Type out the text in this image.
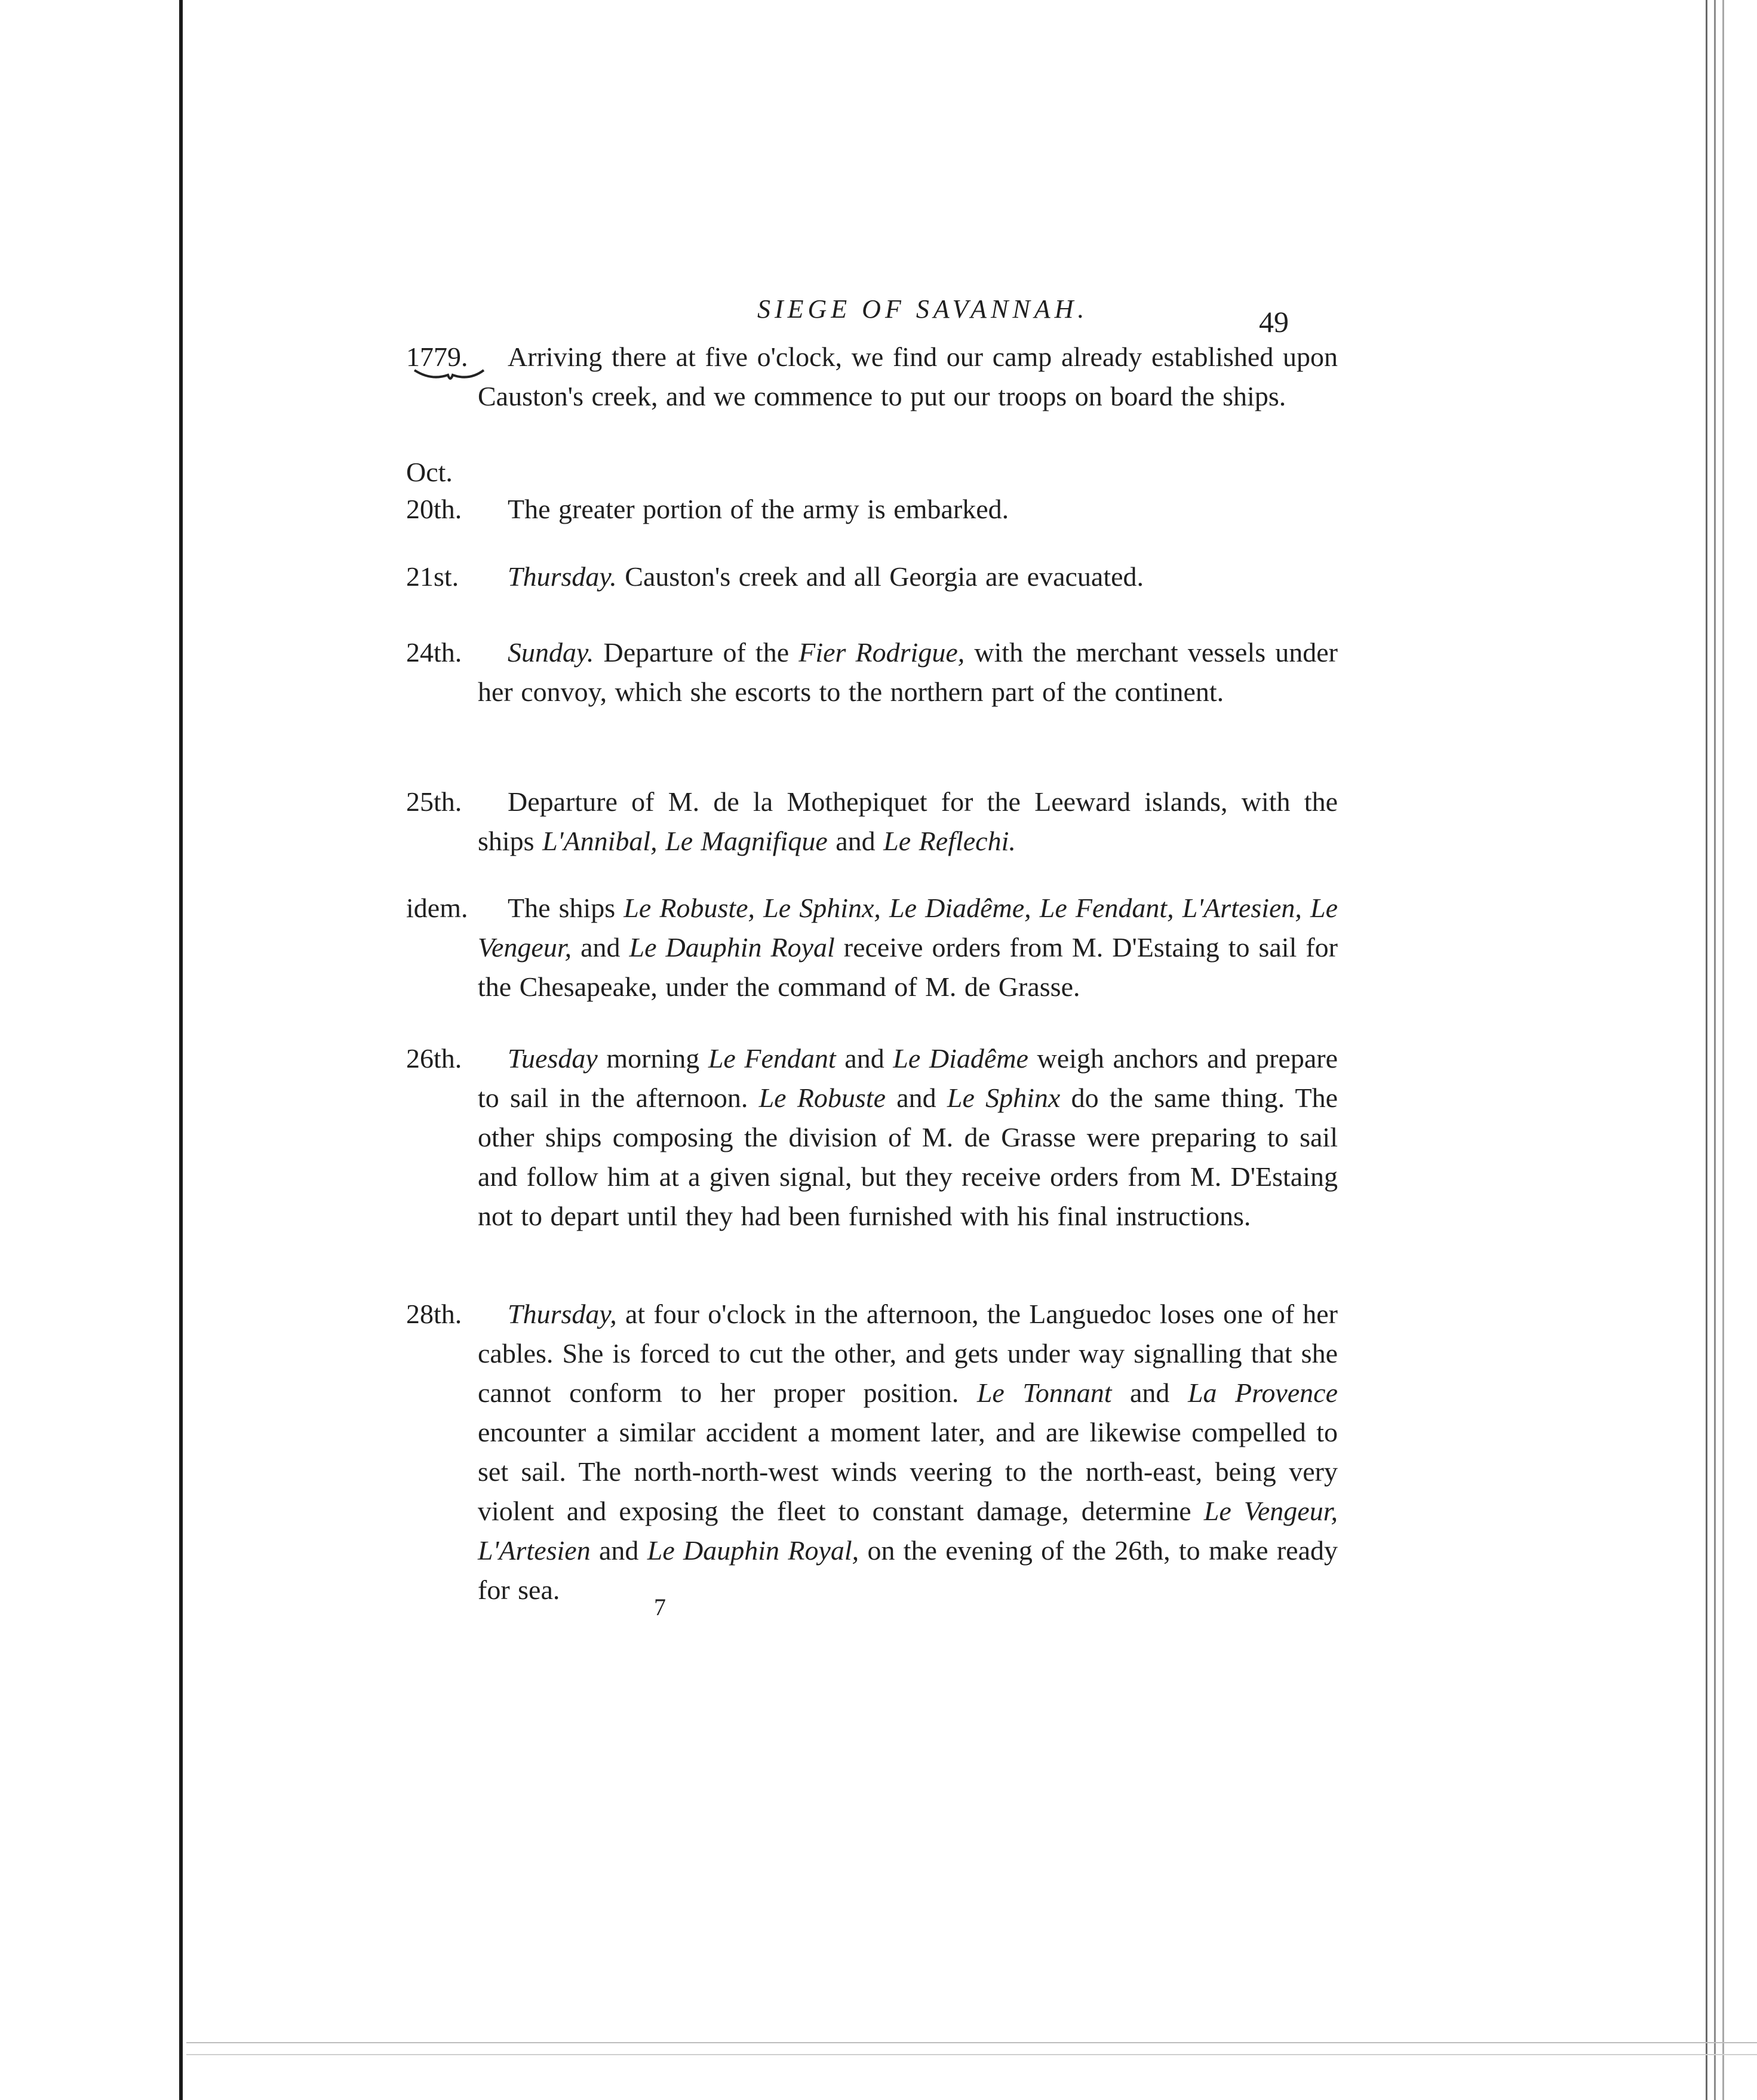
SIEGE OF SAVANNAH.	49
1779.	Arriving there at five o'clock, we find our camp already established upon Causton's creek, and we commence to put our troops on board the ships.
Oct.
20th.	The greater portion of the army is embarked.
21st.	Thursday. Causton's creek and all Georgia are evacuated.
24th.	Sunday. Departure of the Fier Rodrigue, with the merchant vessels under her convoy, which she escorts to the northern part of the continent.
25th.	Departure of M. de la Mothepiquet for the Leeward islands, with the ships L'Annibal, Le Magnifique and Le Reflechi.
idem.	The ships Le Robuste, Le Sphinx, Le Diadême, Le Fendant, L'Artesien, Le Vengeur, and Le Dauphin Royal receive orders from M. D'Estaing to sail for the Chesapeake, under the command of M. de Grasse.
26th.	Tuesday morning Le Fendant and Le Diadême weigh anchors and prepare to sail in the afternoon. Le Robuste and Le Sphinx do the same thing. The other ships composing the division of M. de Grasse were preparing to sail and follow him at a given signal, but they receive orders from M. D'Estaing not to depart until they had been furnished with his final instructions.
28th.	Thursday, at four o'clock in the afternoon, the Languedoc loses one of her cables. She is forced to cut the other, and gets under way signalling that she cannot conform to her proper position. Le Tonnant and La Provence encounter a similar accident a moment later, and are likewise compelled to set sail. The north-north-west winds veering to the north-east, being very violent and exposing the fleet to constant damage, determine Le Vengeur, L'Artesien and Le Dauphin Royal, on the evening of the 26th, to make ready for sea.
7
